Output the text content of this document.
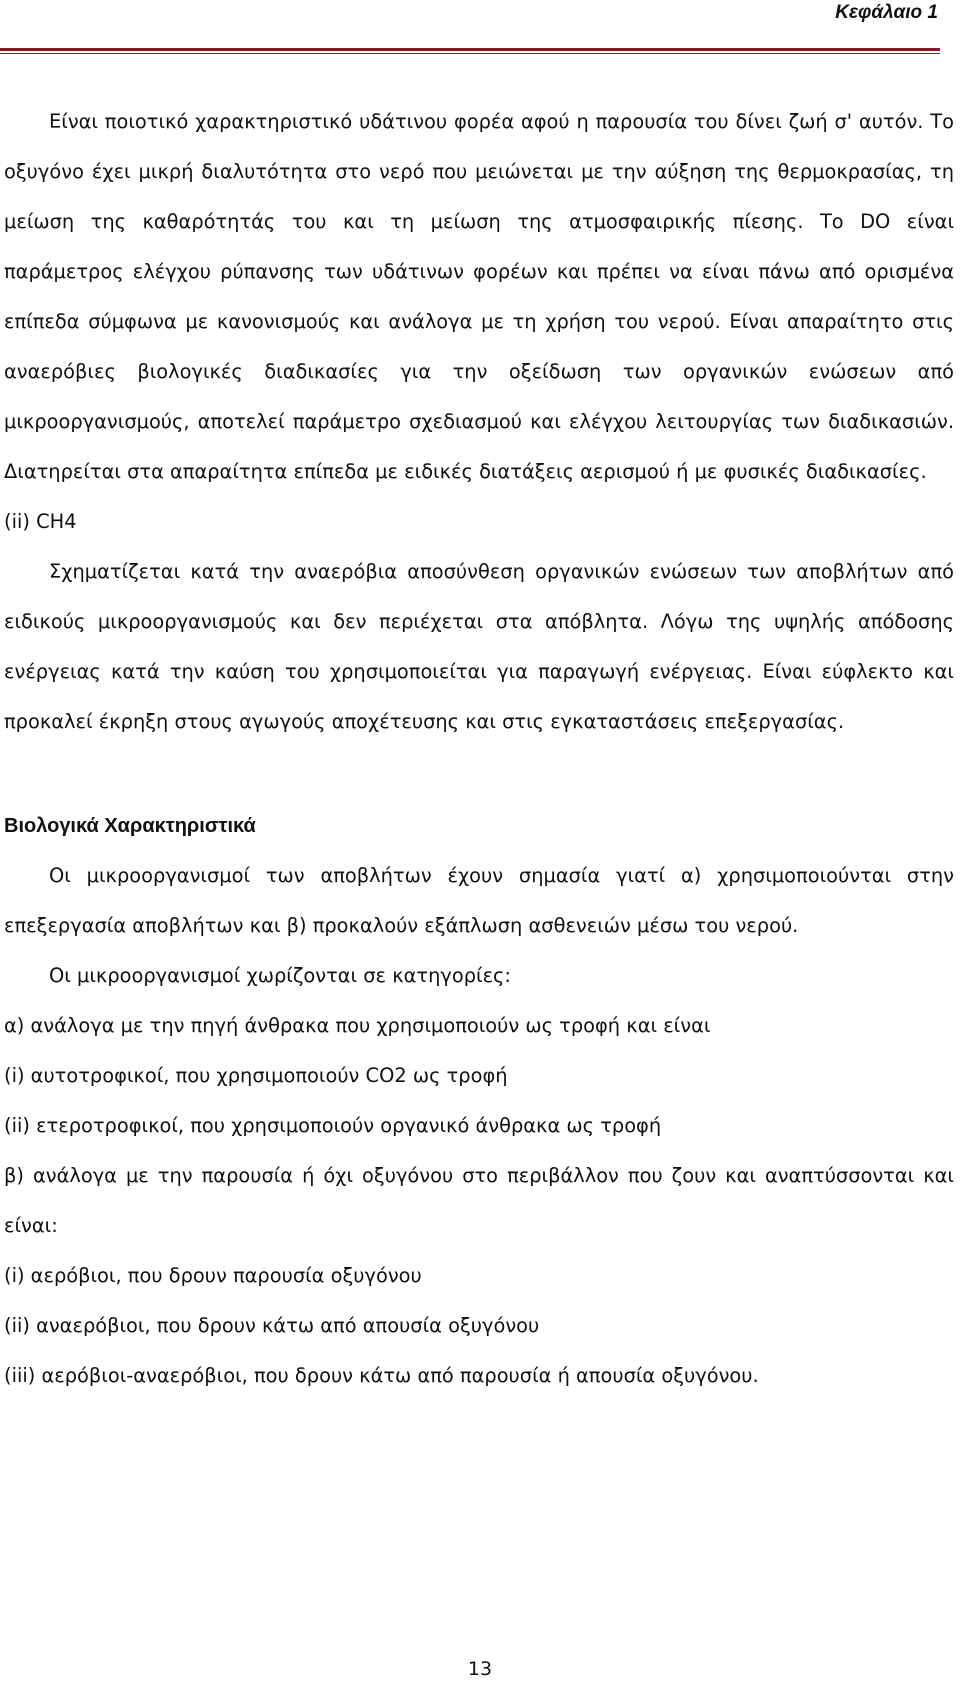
Κεφάλαιο 1

Είναι ποιοτικό χαρακτηριστικό υδάτινου φορέα αφού η παρουσία του δίνει ζωή σ' αυτόν. Το οξυγόνο έχει μικρή διαλυτότητα στο νερό που μειώνεται με την αύξηση της θερμοκρασίας, τη μείωση της καθαρότητάς του και τη μείωση της ατμοσφαιρικής πίεσης. Το DO είναι παράμετρος ελέγχου ρύπανσης των υδάτινων φορέων και πρέπει να είναι πάνω από ορισμένα επίπεδα σύμφωνα με κανονισμούς και ανάλογα με τη χρήση του νερού. Είναι απαραίτητο στις αναερόβιες βιολογικές διαδικασίες για την οξείδωση των οργανικών ενώσεων από μικροοργανισμούς, αποτελεί παράμετρο σχεδιασμού και ελέγχου λειτουργίας των διαδικασιών. Διατηρείται στα απαραίτητα επίπεδα με ειδικές διατάξεις αερισμού ή με φυσικές διαδικασίες.

(ii) CH4

Σχηματίζεται κατά την αναερόβια αποσύνθεση οργανικών ενώσεων των αποβλήτων από ειδικούς μικροοργανισμούς και δεν περιέχεται στα απόβλητα. Λόγω της υψηλής απόδοσης ενέργειας κατά την καύση του χρησιμοποιείται για παραγωγή ενέργειας. Είναι εύφλεκτο και προκαλεί έκρηξη στους αγωγούς αποχέτευσης και στις εγκαταστάσεις επεξεργασίας.

Βιολογικά Χαρακτηριστικά

Οι μικροοργανισμοί των αποβλήτων έχουν σημασία γιατί α) χρησιμοποιούνται στην επεξεργασία αποβλήτων και β) προκαλούν εξάπλωση ασθενειών μέσω του νερού.

Οι μικροοργανισμοί χωρίζονται σε κατηγορίες:

α) ανάλογα με την πηγή άνθρακα που χρησιμοποιούν ως τροφή και είναι

(i) αυτοτροφικοί, που χρησιμοποιούν CO2 ως τροφή

(ii) ετεροτροφικοί, που χρησιμοποιούν οργανικό άνθρακα ως τροφή

β) ανάλογα με την παρουσία ή όχι οξυγόνου στο περιβάλλον που ζουν και αναπτύσσονται και είναι:

(i) αερόβιοι, που δρουν παρουσία οξυγόνου

(ii) αναερόβιοι, που δρουν κάτω από απουσία οξυγόνου

(iii) αερόβιοι-αναερόβιοι, που δρουν κάτω από παρουσία ή απουσία οξυγόνου.

13
